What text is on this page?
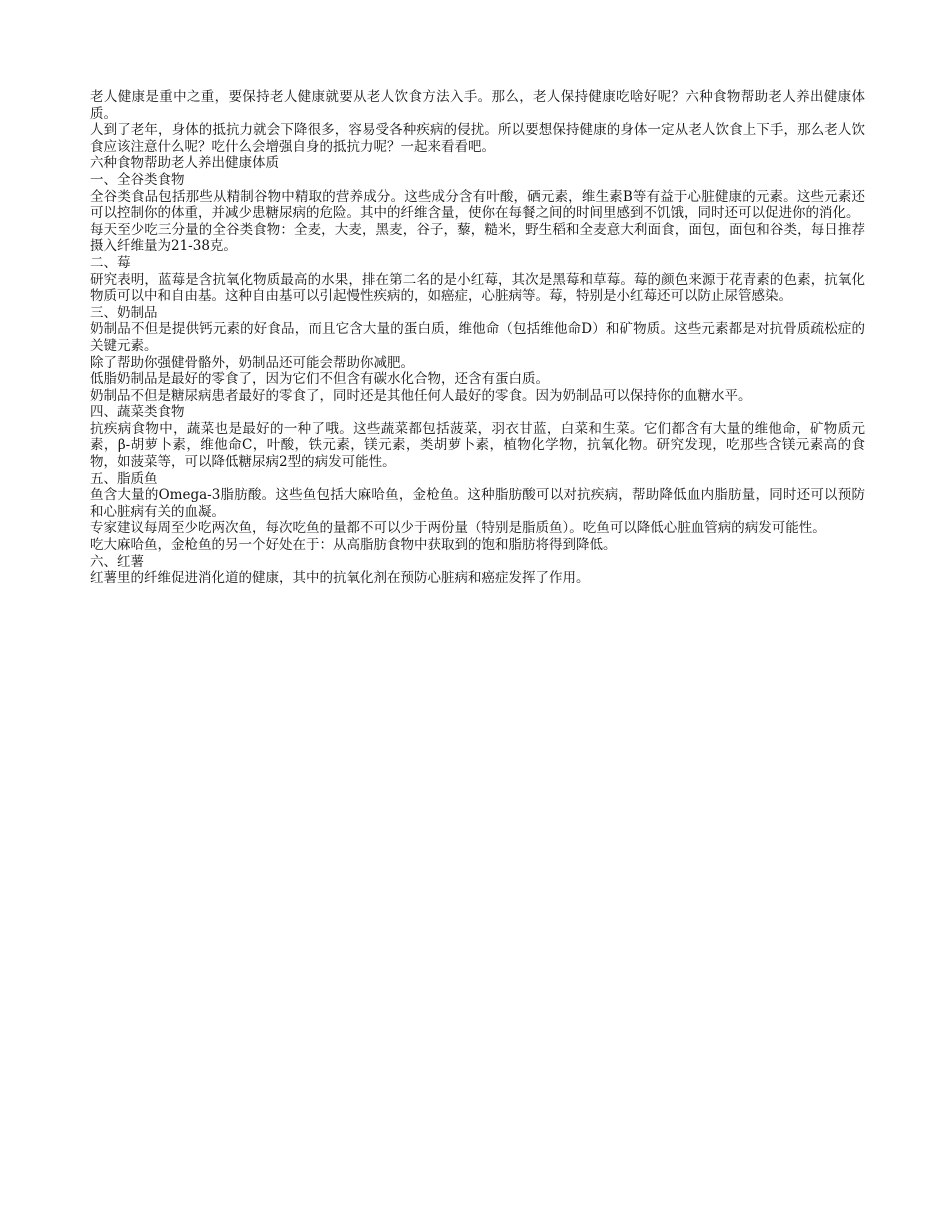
老人健康是重中之重，要保持老人健康就要从老人饮食方法入手。那么，老人保持健康吃啥好呢？六种食物帮助老人养出健康体质。

人到了老年，身体的抵抗力就会下降很多，容易受各种疾病的侵扰。所以要想保持健康的身体一定从老人饮食上下手，那么老人饮食应该注意什么呢？吃什么会增强自身的抵抗力呢？一起来看看吧。

六种食物帮助老人养出健康体质

一、全谷类食物

全谷类食品包括那些从精制谷物中精取的营养成分。这些成分含有叶酸，硒元素，维生素B等有益于心脏健康的元素。这些元素还可以控制你的体重，并减少患糖尿病的危险。其中的纤维含量，使你在每餐之间的时间里感到不饥饿，同时还可以促进你的消化。

每天至少吃三分量的全谷类食物：全麦，大麦，黑麦，谷子，藜，糙米，野生稻和全麦意大利面食，面包，面包和谷类，每日推荐摄入纤维量为21-38克。

二、莓

研究表明，蓝莓是含抗氧化物质最高的水果，排在第二名的是小红莓，其次是黑莓和草莓。莓的颜色来源于花青素的色素，抗氧化物质可以中和自由基。这种自由基可以引起慢性疾病的，如癌症，心脏病等。莓，特别是小红莓还可以防止尿管感染。

三、奶制品

奶制品不但是提供钙元素的好食品，而且它含大量的蛋白质，维他命（包括维他命D）和矿物质。这些元素都是对抗骨质疏松症的关键元素。

除了帮助你强健骨骼外，奶制品还可能会帮助你减肥。

低脂奶制品是最好的零食了，因为它们不但含有碳水化合物，还含有蛋白质。

奶制品不但是糖尿病患者最好的零食了，同时还是其他任何人最好的零食。因为奶制品可以保持你的血糖水平。

四、蔬菜类食物

抗疾病食物中，蔬菜也是最好的一种了哦。这些蔬菜都包括菠菜，羽衣甘蓝，白菜和生菜。它们都含有大量的维他命，矿物质元素，β-胡萝卜素，维他命C，叶酸，铁元素，镁元素，类胡萝卜素，植物化学物，抗氧化物。研究发现，吃那些含镁元素高的食物，如菠菜等，可以降低糖尿病2型的病发可能性。

五、脂质鱼

鱼含大量的Omega-3脂肪酸。这些鱼包括大麻哈鱼，金枪鱼。这种脂肪酸可以对抗疾病，帮助降低血内脂肪量，同时还可以预防和心脏病有关的血凝。

专家建议每周至少吃两次鱼，每次吃鱼的量都不可以少于两份量（特别是脂质鱼）。吃鱼可以降低心脏血管病的病发可能性。

吃大麻哈鱼，金枪鱼的另一个好处在于：从高脂肪食物中获取到的饱和脂肪将得到降低。

六、红薯

红薯里的纤维促进消化道的健康，其中的抗氧化剂在预防心脏病和癌症发挥了作用。
